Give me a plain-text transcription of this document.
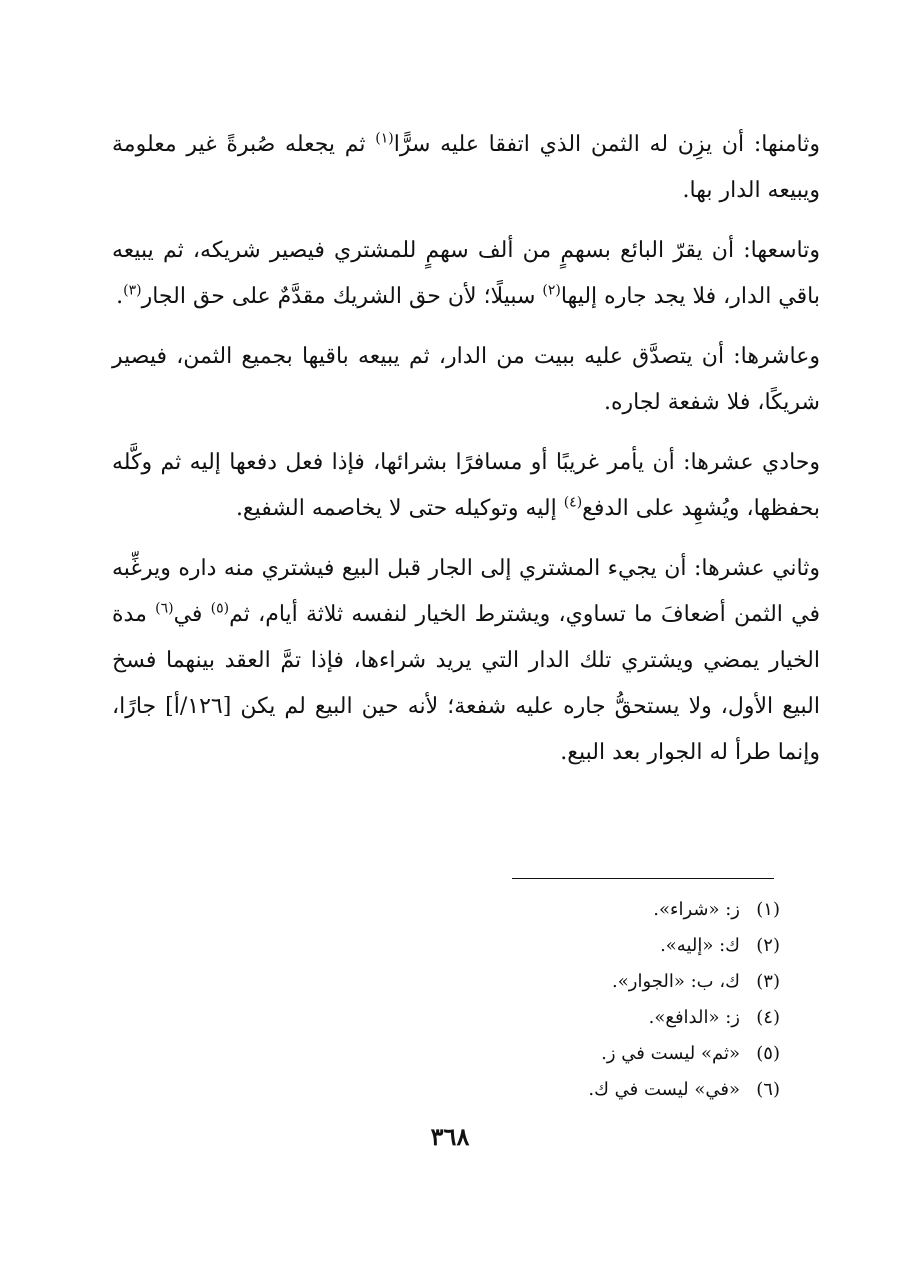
وثامنها: أن يزِن له الثمن الذي اتفقا عليه سرًّا$^{(١)}$ ثم يجعله صُبرةً غير معلومة ويبيعه الدار بها.

وتاسعها: أن يقرّ البائع بسهمٍ من ألف سهمٍ للمشتري فيصير شريكه، ثم يبيعه باقي الدار، فلا يجد جاره إليها$^{(٢)}$ سبيلًا؛ لأن حق الشريك مقدَّمٌ على حق الجار$^{(٣)}$.

وعاشرها: أن يتصدَّق عليه ببيت من الدار، ثم يبيعه باقيها بجميع الثمن، فيصير شريكًا، فلا شفعة لجاره.

وحادي عشرها: أن يأمر غريبًا أو مسافرًا بشرائها، فإذا فعل دفعها إليه ثم وكَّله بحفظها، ويُشهِد على الدفع$^{(٤)}$ إليه وتوكيله حتى لا يخاصمه الشفيع.

وثاني عشرها: أن يجيء المشتري إلى الجار قبل البيع فيشتري منه داره ويرغِّبه في الثمن أضعافَ ما تساوي، ويشترط الخيار لنفسه ثلاثة أيام، ثم$^{(٥)}$ في$^{(٦)}$ مدة الخيار يمضي ويشتري تلك الدار التي يريد شراءها، فإذا تمَّ العقد بينهما فسخ البيع الأول، ولا يستحقُّ جاره عليه شفعة؛ لأنه حين البيع لم يكن [١٢٦/أ] جارًا، وإنما طرأ له الجوار بعد البيع.

(١)ز: «شراء».
(٢)ك: «إليه».
(٣)ك، ب: «الجوار».
(٤)ز: «الدافع».
(٥)«ثم» ليست في ز.
(٦)«في» ليست في ك.
٣٦٨
